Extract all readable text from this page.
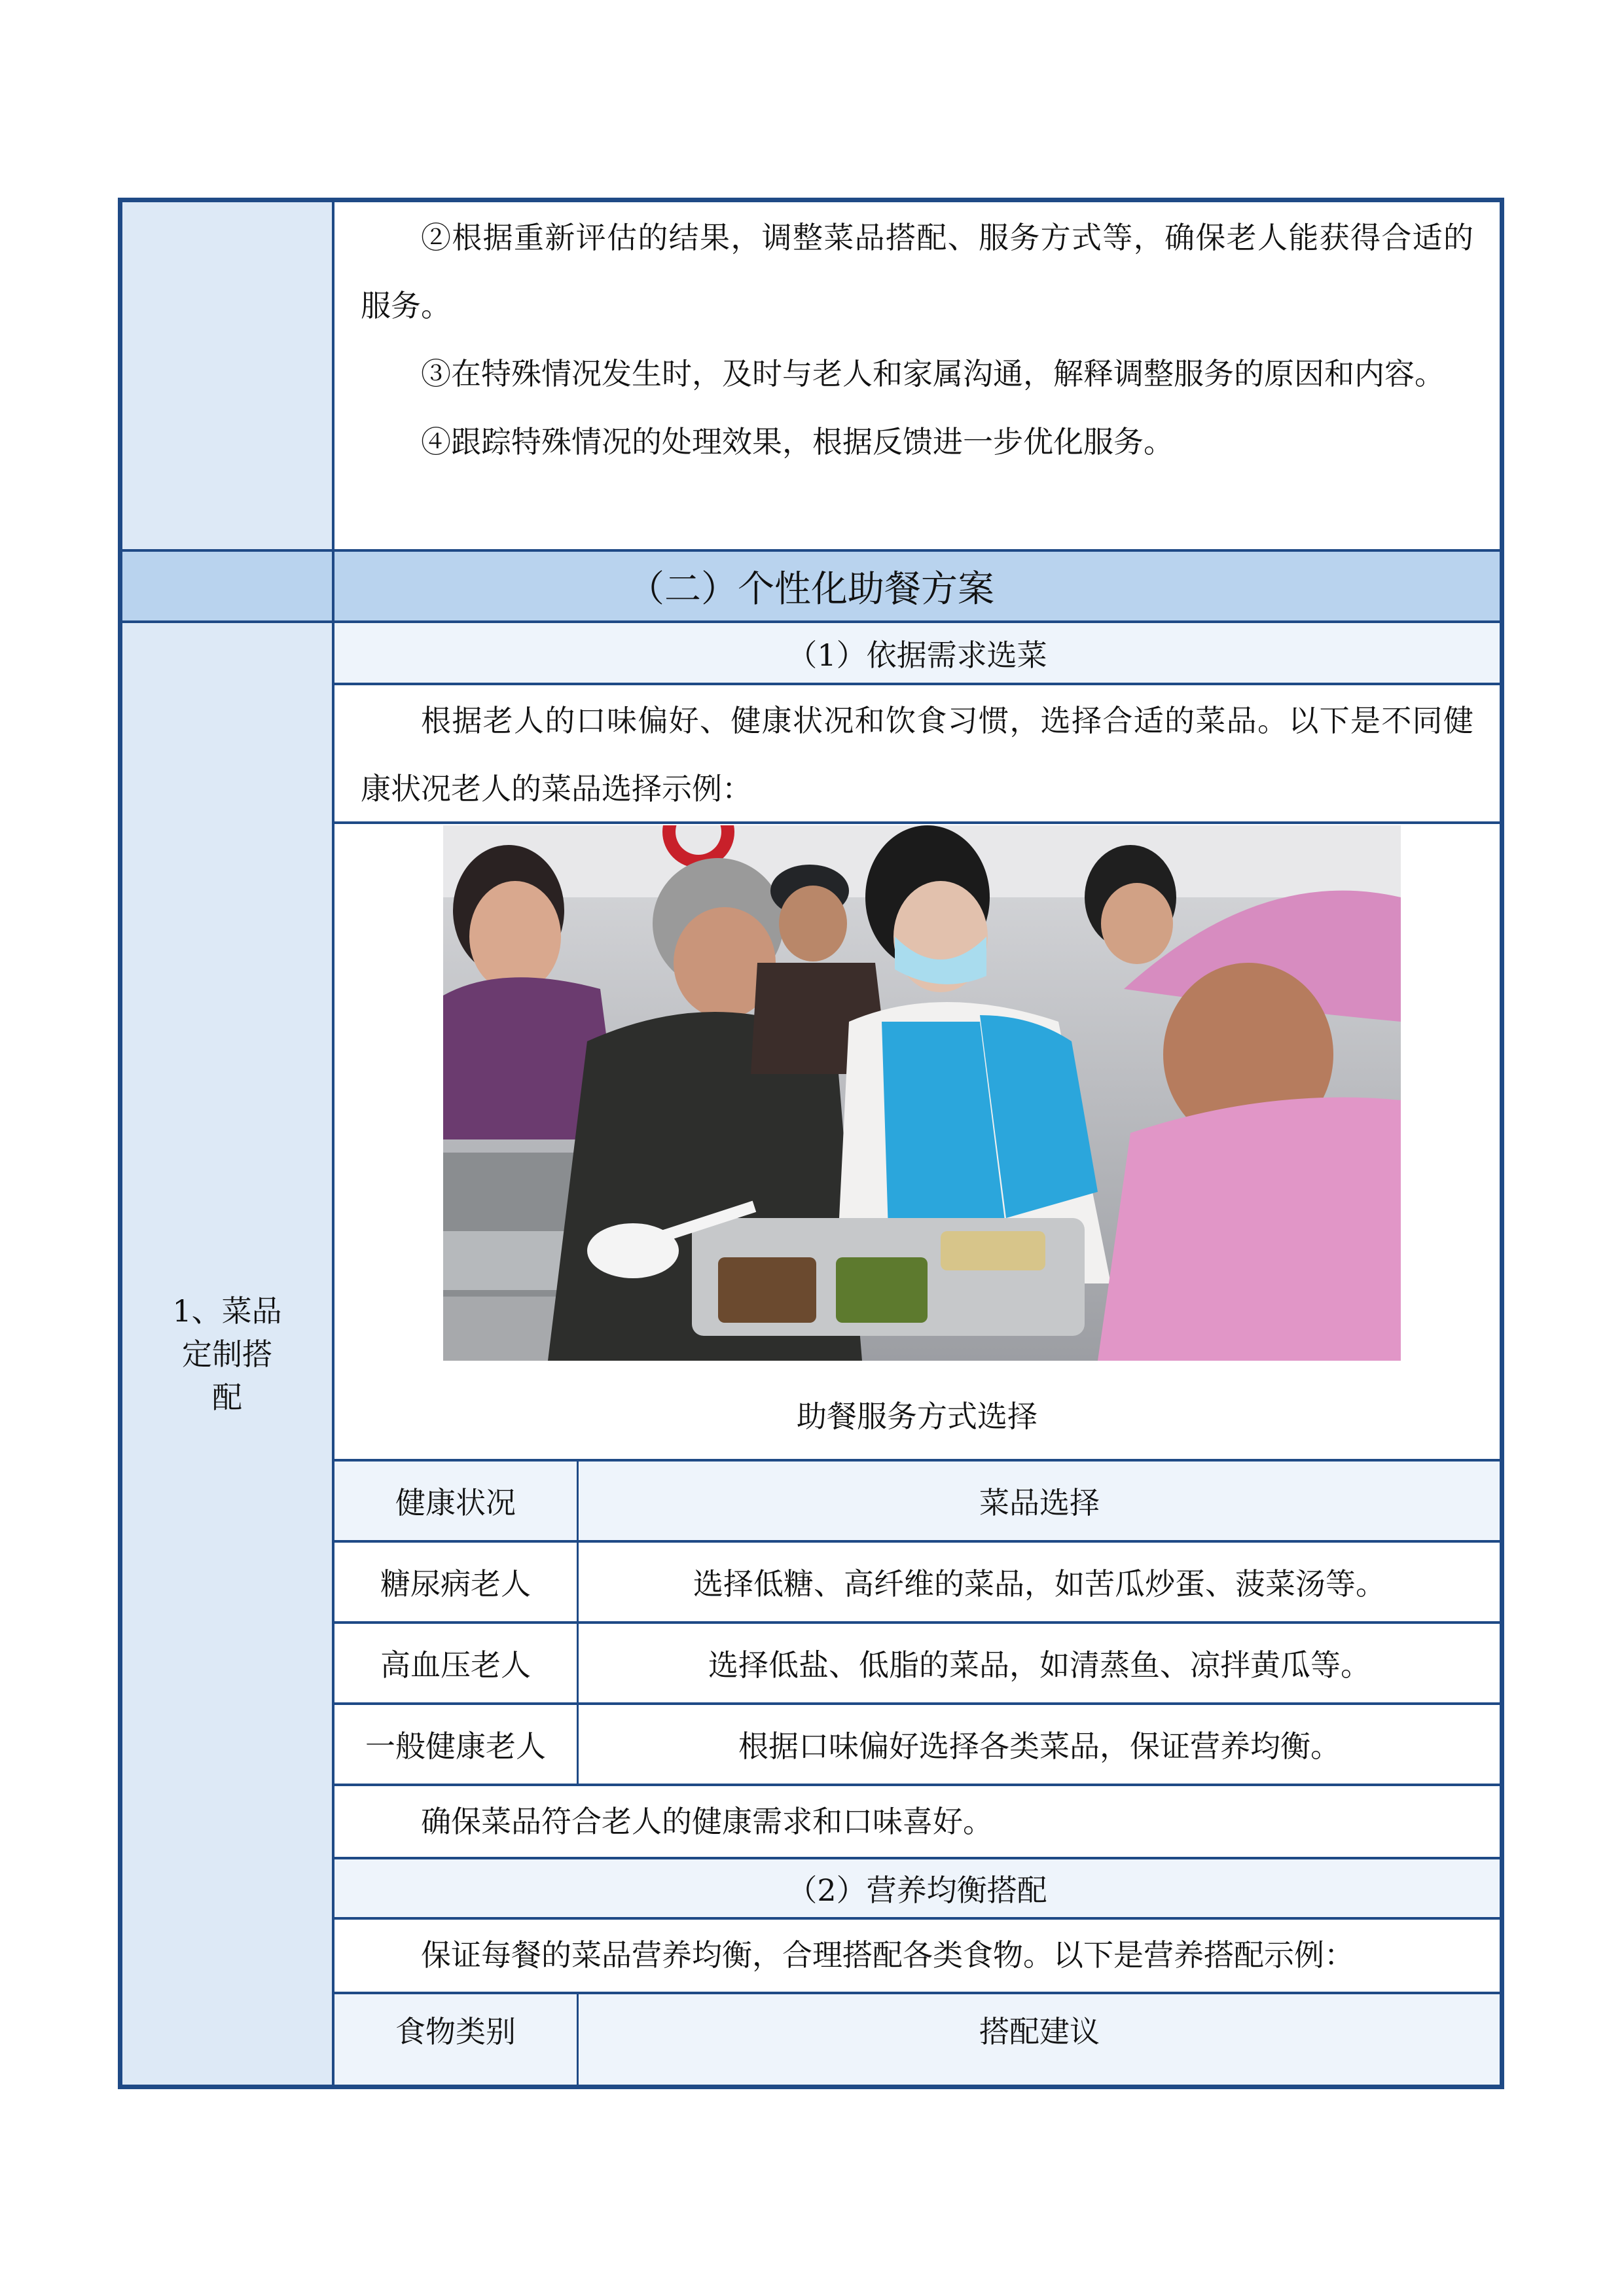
1、菜品定制搭配
②根据重新评估的结果，调整菜品搭配、服务方式等，确保老人能获得合适的服务。
③在特殊情况发生时，及时与老人和家属沟通，解释调整服务的原因和内容。
④跟踪特殊情况的处理效果，根据反馈进一步优化服务。
（二）个性化助餐方案
（1）依据需求选菜
根据老人的口味偏好、健康状况和饮食习惯，选择合适的菜品。以下是不同健康状况老人的菜品选择示例：
助餐服务方式选择
健康状况	菜品选择
糖尿病老人	选择低糖、高纤维的菜品，如苦瓜炒蛋、菠菜汤等。
高血压老人	选择低盐、低脂的菜品，如清蒸鱼、凉拌黄瓜等。
一般健康老人	根据口味偏好选择各类菜品，保证营养均衡。
确保菜品符合老人的健康需求和口味喜好。
（2）营养均衡搭配
保证每餐的菜品营养均衡，合理搭配各类食物。以下是营养搭配示例：
食物类别	搭配建议
